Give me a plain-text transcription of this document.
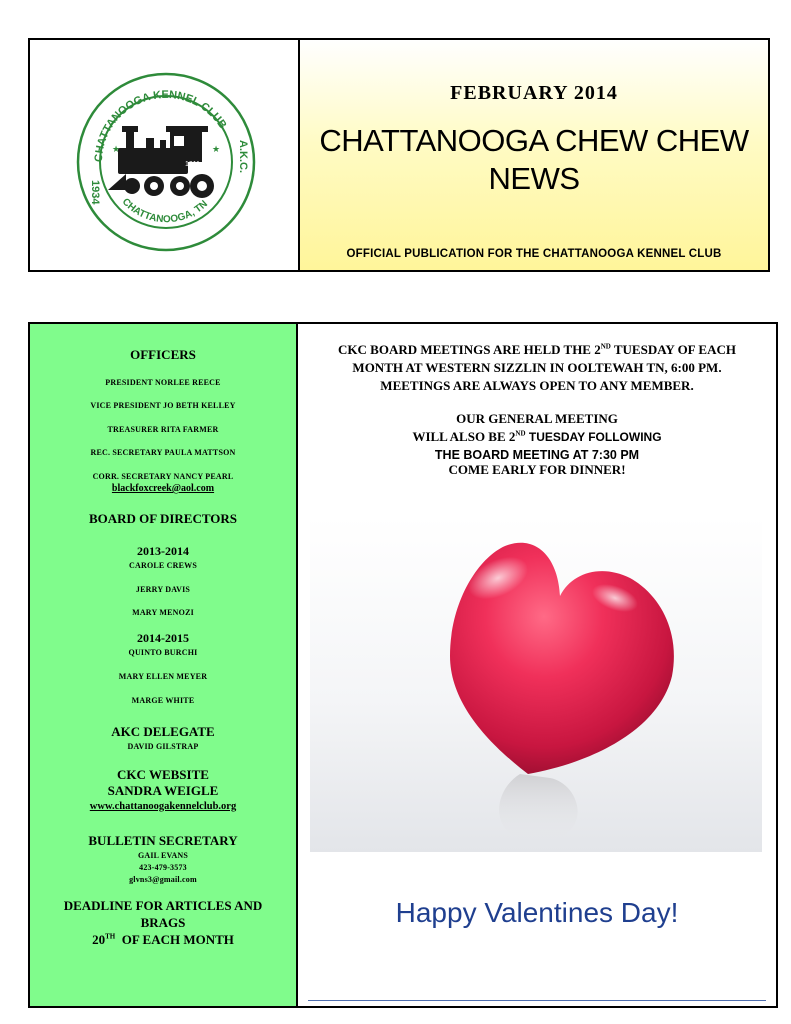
CHATTANOOGA KENNEL CLUB
CHATTANOOGA, TN
1934
A.K.C.
1011
★	★
FEBRUARY 2014
CHATTANOOGA CHEW CHEW
NEWS
OFFICIAL PUBLICATION FOR THE CHATTANOOGA KENNEL CLUB
OFFICERS
PRESIDENT NORLEE REECE
VICE PRESIDENT JO BETH KELLEY
TREASURER RITA FARMER
REC. SECRETARY PAULA MATTSON
CORR. SECRETARY NANCY PEARL
blackfoxcreek@aol.com
BOARD OF DIRECTORS
2013-2014
CAROLE CREWS
JERRY DAVIS
MARY MENOZI
2014-2015
QUINTO BURCHI
MARY ELLEN MEYER
MARGE WHITE
AKC DELEGATE
DAVID GILSTRAP
CKC WEBSITE
SANDRA WEIGLE
www.chattanoogakennelclub.org
BULLETIN SECRETARY
GAIL EVANS
423-479-3573
glvns3@gmail.com
DEADLINE FOR ARTICLES AND
BRAGS
20TH  OF EACH MONTH
CKC BOARD MEETINGS ARE HELD THE 2ND TUESDAY OF EACH
MONTH AT WESTERN SIZZLIN IN OOLTEWAH TN, 6:00 PM.
MEETINGS ARE ALWAYS OPEN TO ANY MEMBER.
OUR GENERAL MEETING
WILL ALSO BE 2ND TUESDAY FOLLOWING
THE BOARD MEETING AT 7:30 PM
COME EARLY FOR DINNER!
Happy Valentines Day!
